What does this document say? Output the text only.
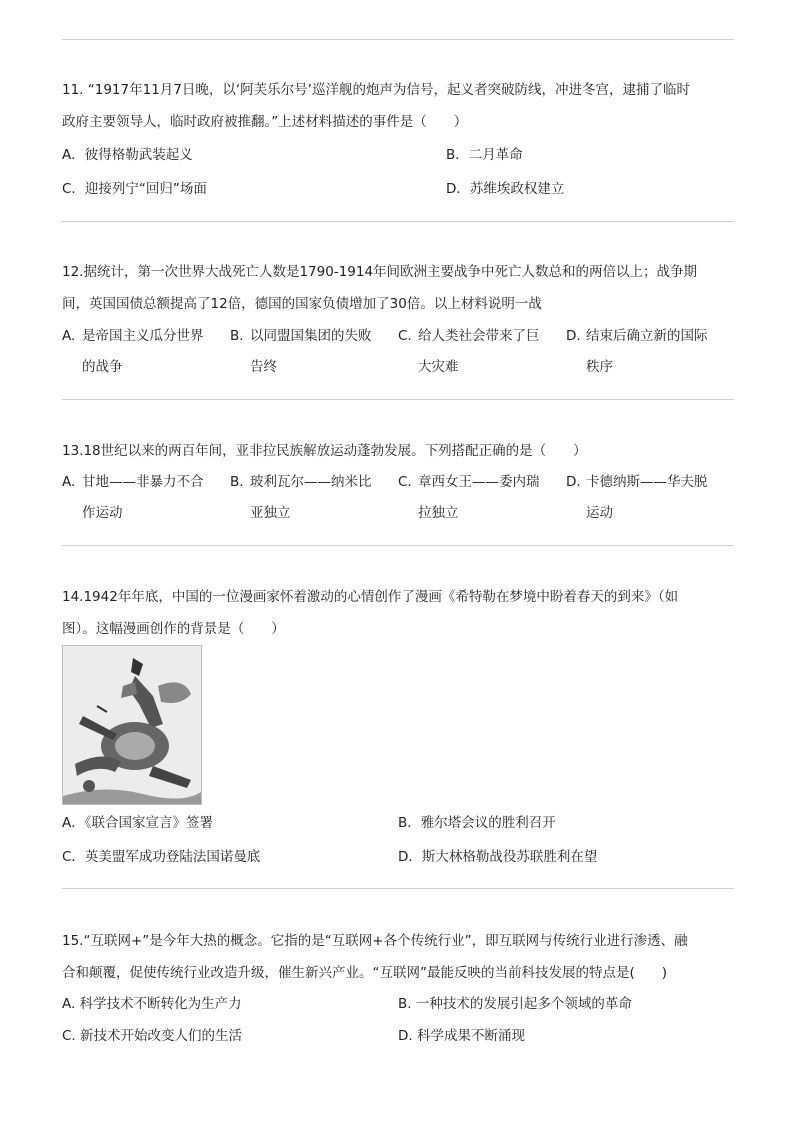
11. “1917年11月7日晚，以‘阿芙乐尔号’巡洋舰的炮声为信号，起义者突破防线，冲进冬宫，逮捕了临时
政府主要领导人，临时政府被推翻。”上述材料描述的事件是（　　）
A．彼得格勒武装起义	B．二月革命
C．迎接列宁“回归”场面	D．苏维埃政权建立
12.据统计，第一次世界大战死亡人数是1790-1914年间欧洲主要战争中死亡人数总和的两倍以上；战争期
间，英国国债总额提高了12倍，德国的国家负债增加了30倍。以上材料说明一战
A. 是帝国主义瓜分世界
的战争
B. 以同盟国集团的失败
告终
C. 给人类社会带来了巨
大灾难
D. 结束后确立新的国际
秩序
13.18世纪以来的两百年间，亚非拉民族解放运动蓬勃发展。下列搭配正确的是（　　）
A. 甘地——非暴力不合
作运动
B. 玻利瓦尔——纳米比
亚独立
C. 章西女王——委内瑞
拉独立
D. 卡德纳斯——华夫脱
运动
14.1942年年底，中国的一位漫画家怀着激动的心情创作了漫画《希特勒在梦境中盼着春天的到来》（如
图）。这幅漫画创作的背景是（　　）
A．《联合国家宣言》签署	B．雅尔塔会议的胜利召开
C．英美盟军成功登陆法国诺曼底	D．斯大林格勒战役苏联胜利在望
15.“互联网+”是今年大热的概念。它指的是“互联网+各个传统行业”，即互联网与传统行业进行渗透、融
合和颠覆，促使传统行业改造升级，催生新兴产业。“互联网”最能反映的当前科技发展的特点是(　　)
A. 科学技术不断转化为生产力	B. 一种技术的发展引起多个领域的革命
C. 新技术开始改变人们的生活	D. 科学成果不断涌现
